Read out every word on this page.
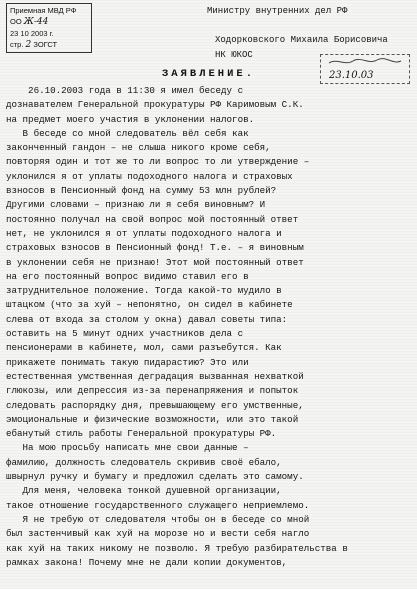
Приемная МВД РФ
ОО Ж-44
23 10 2003 г.
стр. 2 ЗОГСТ
Министру внутренних дел РФ

Ходорковского Михаила Борисовича
НК ЮКОС
23.10.03
ЗАЯВЛЕНИЕ.
26.10.2003 года в 11:30 я имел беседу с
дознавателем Генеральной прокуратуры РФ Каримовым С.К.
на предмет моего участия в уклонении налогов.
В беседе со мной следователь вёл себя как
законченный гандон – не слыша никого кроме себя,
повторяя один и тот же то ли вопрос то ли утверждение –
уклонился я от уплаты подоходного налога и страховых
взносов в Пенсионный фонд на сумму 53 млн рублей?
Другими словами – признаю ли я себя виновным? И
постоянно получал на свой вопрос мой постоянный ответ
нет, не уклонился я от уплаты подоходного налога и
страховых взносов в Пенсионный фонд! Т.е. – я виновным
в уклонении себя не признаю! Этот мой постоянный ответ
на его постоянный вопрос видимо ставил его в
затруднительное положение. Тогда какой-то мудило в
штацком (что за хуй – непонятно, он сидел в кабинете
слева от входа за столом у окна) давал советы типа:
оставить на 5 минут одних участников дела с
пенсионерами в кабинете, мол, сами разъебутся. Как
прикажете понимать такую пидарастию? Это или
естественная умственная деградация вызванная нехваткой
глюкозы, или депрессия из-за перенапряжения и попыток
следовать распорядку дня, превышающему его умственные,
эмоциональные и физические возможности, или это такой
ебанутый стиль работы Генеральной прокуратуры РФ.
На мою просьбу написать мне свои данные –
фамилию, должность следователь скривив своё ебало,
швырнул ручку и бумагу и предложил сделать это самому.
Для меня, человека тонкой душевной организации,
такое отношение государственного служащего неприемлемо.
Я не требую от следователя чтобы он в беседе со мной
был застенчивый как хуй на морозе но и вести себя нагло
как хуй на таких никому не позволю. Я требую разбирательства в
рамках закона! Почему мне не дали копии документов,
